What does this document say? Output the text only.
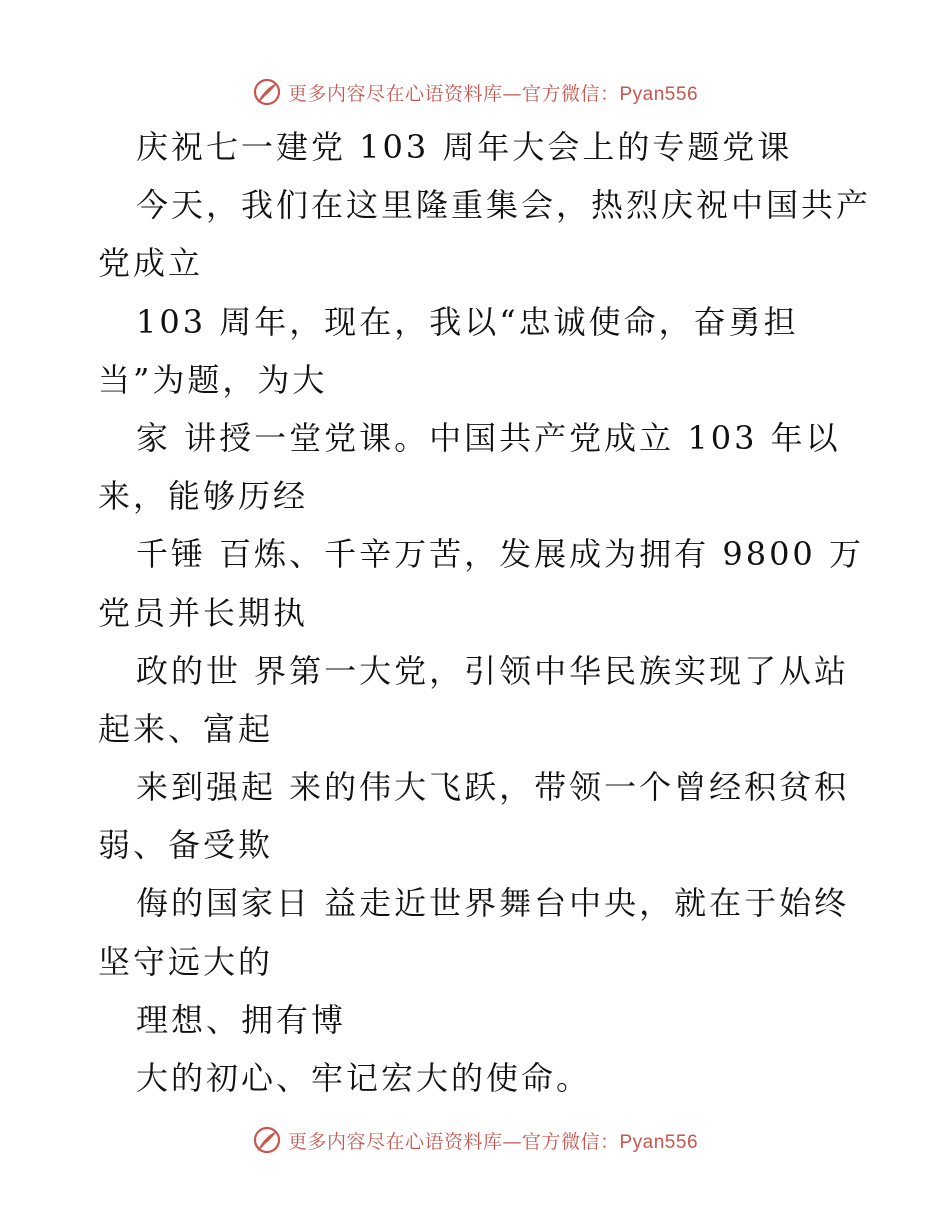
更多内容尽在心语资料库—官方微信：Pyan556
庆祝七一建党 103 周年大会上的专题党课
今天，我们在这里隆重集会，热烈庆祝中国共产
党成立
103 周年，现在，我以“忠诚使命，奋勇担
当”为题，为大
家 讲授一堂党课。中国共产党成立 103 年以
来，能够历经
千锤 百炼、千辛万苦，发展成为拥有 9800 万
党员并长期执
政的世 界第一大党，引领中华民族实现了从站
起来、富起
来到强起 来的伟大飞跃，带领一个曾经积贫积
弱、备受欺
侮的国家日 益走近世界舞台中央，就在于始终
坚守远大的
理想、拥有博
大的初心、牢记宏大的使命。
更多内容尽在心语资料库—官方微信：Pyan556
